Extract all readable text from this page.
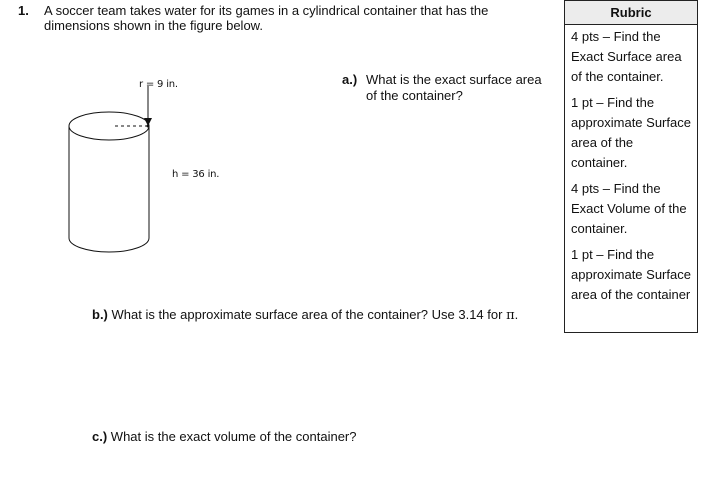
1. A soccer team takes water for its games in a cylindrical container that has the dimensions shown in the figure below.
r = 9 in.
h = 36 in.
a.) What is the exact surface area
of the container?
b.) What is the approximate surface area of the container? Use 3.14 for π.
c.) What is the exact volume of the container?
Rubric
4 pts – Find the Exact Surface area of the container.
1 pt – Find the approximate Surface area of the container.
4 pts – Find the Exact Volume of the container.
1 pt – Find the approximate Surface area of the container
